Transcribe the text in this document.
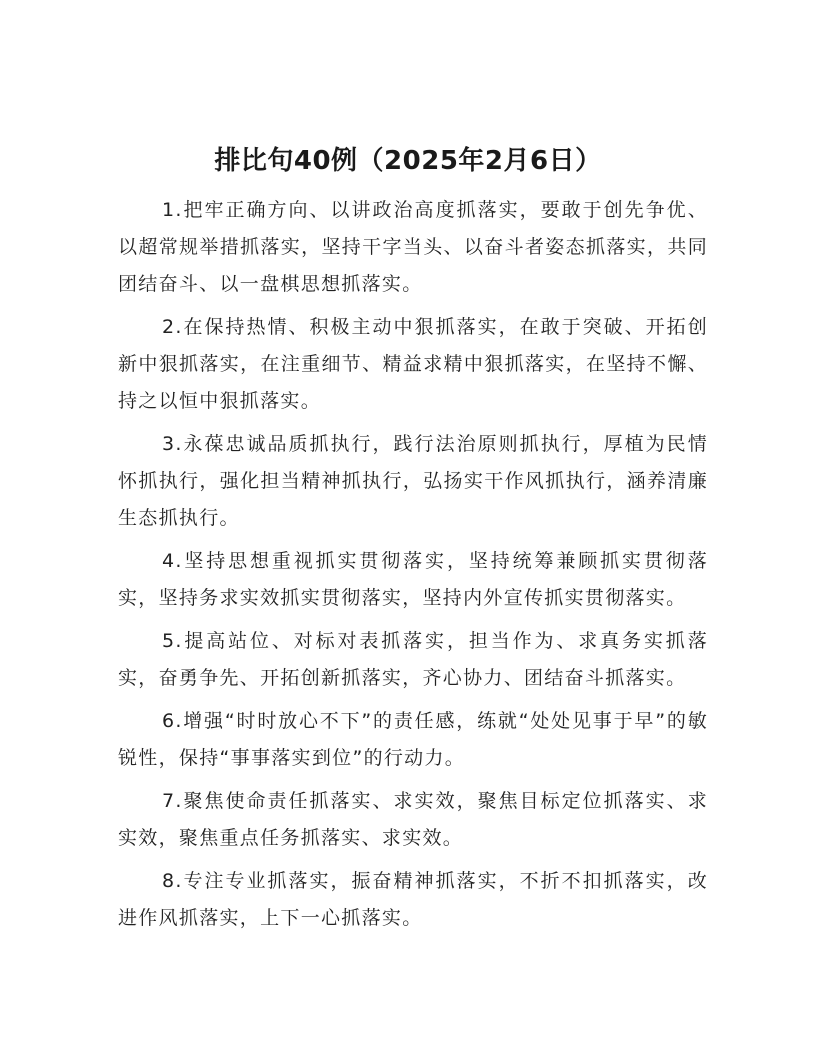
排比句40例（2025年2月6日）

1.把牢正确方向、以讲政治高度抓落实，要敢于创先争优、以超常规举措抓落实，坚持干字当头、以奋斗者姿态抓落实，共同团结奋斗、以一盘棋思想抓落实。

2.在保持热情、积极主动中狠抓落实，在敢于突破、开拓创新中狠抓落实，在注重细节、精益求精中狠抓落实，在坚持不懈、持之以恒中狠抓落实。

3.永葆忠诚品质抓执行，践行法治原则抓执行，厚植为民情怀抓执行，强化担当精神抓执行，弘扬实干作风抓执行，涵养清廉生态抓执行。

4.坚持思想重视抓实贯彻落实，坚持统筹兼顾抓实贯彻落实，坚持务求实效抓实贯彻落实，坚持内外宣传抓实贯彻落实。

5.提高站位、对标对表抓落实，担当作为、求真务实抓落实，奋勇争先、开拓创新抓落实，齐心协力、团结奋斗抓落实。

6.增强“时时放心不下”的责任感，练就“处处见事于早”的敏锐性，保持“事事落实到位”的行动力。

7.聚焦使命责任抓落实、求实效，聚焦目标定位抓落实、求实效，聚焦重点任务抓落实、求实效。

8.专注专业抓落实，振奋精神抓落实，不折不扣抓落实，改进作风抓落实，上下一心抓落实。
